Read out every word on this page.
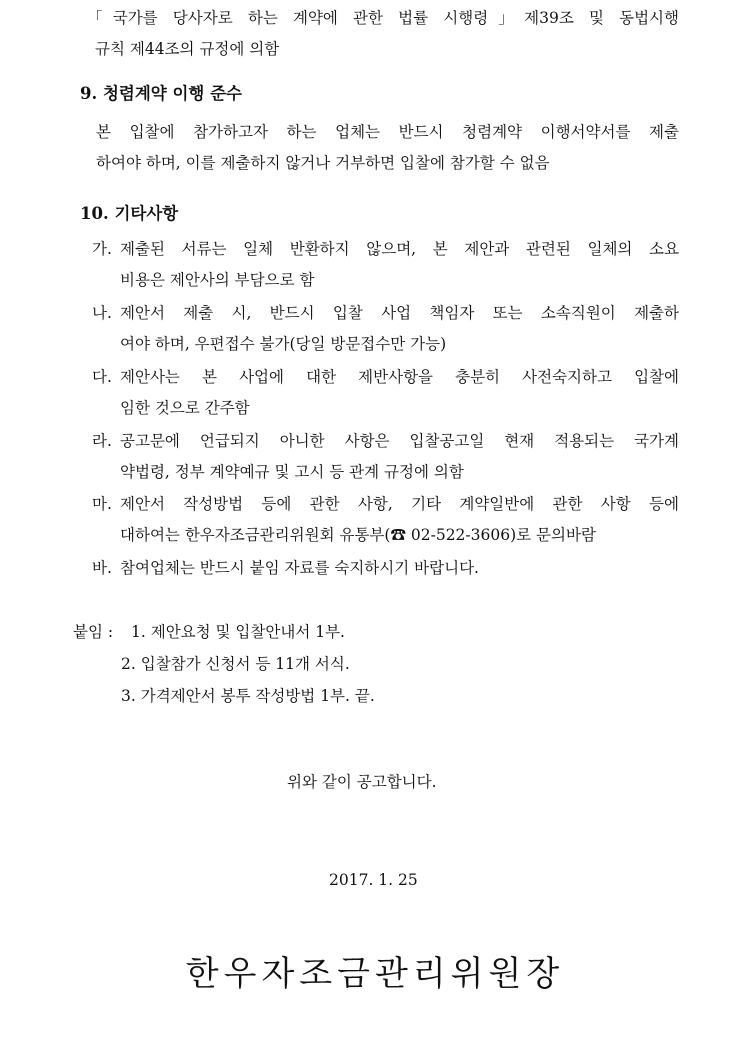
「국가를 당사자로 하는 계약에 관한 법률 시행령」제39조 및 동법시행
규칙 제44조의 규정에 의함
9. 청렴계약 이행 준수
본 입찰에 참가하고자 하는 업체는 반드시 청렴계약 이행서약서를 제출
하여야 하며, 이를 제출하지 않거나 거부하면 입찰에 참가할 수 없음
10. 기타사항
가. 제출된 서류는 일체 반환하지 않으며, 본 제안과 관련된 일체의 소요
비용은 제안사의 부담으로 함
나. 제안서 제출 시, 반드시 입찰 사업 책임자 또는 소속직원이 제출하
여야 하며, 우편접수 불가(당일 방문접수만 가능)
다. 제안사는 본 사업에 대한 제반사항을 충분히 사전숙지하고 입찰에
임한 것으로 간주함
라. 공고문에 언급되지 아니한 사항은 입찰공고일 현재 적용되는 국가계
약법령, 정부 계약예규 및 고시 등 관계 규정에 의함
마. 제안서 작성방법 등에 관한 사항, 기타 계약일반에 관한 사항 등에
대하여는 한우자조금관리위원회 유통부(☎ 02-522-3606)로 문의바람
바. 참여업체는 반드시 붙임 자료를 숙지하시기 바랍니다.
붙임 : 1. 제안요청 및 입찰안내서 1부.
2. 입찰참가 신청서 등 11개 서식.
3. 가격제안서 봉투 작성방법 1부. 끝.
위와 같이 공고합니다.
2017. 1. 25
한우자조금관리위원장
